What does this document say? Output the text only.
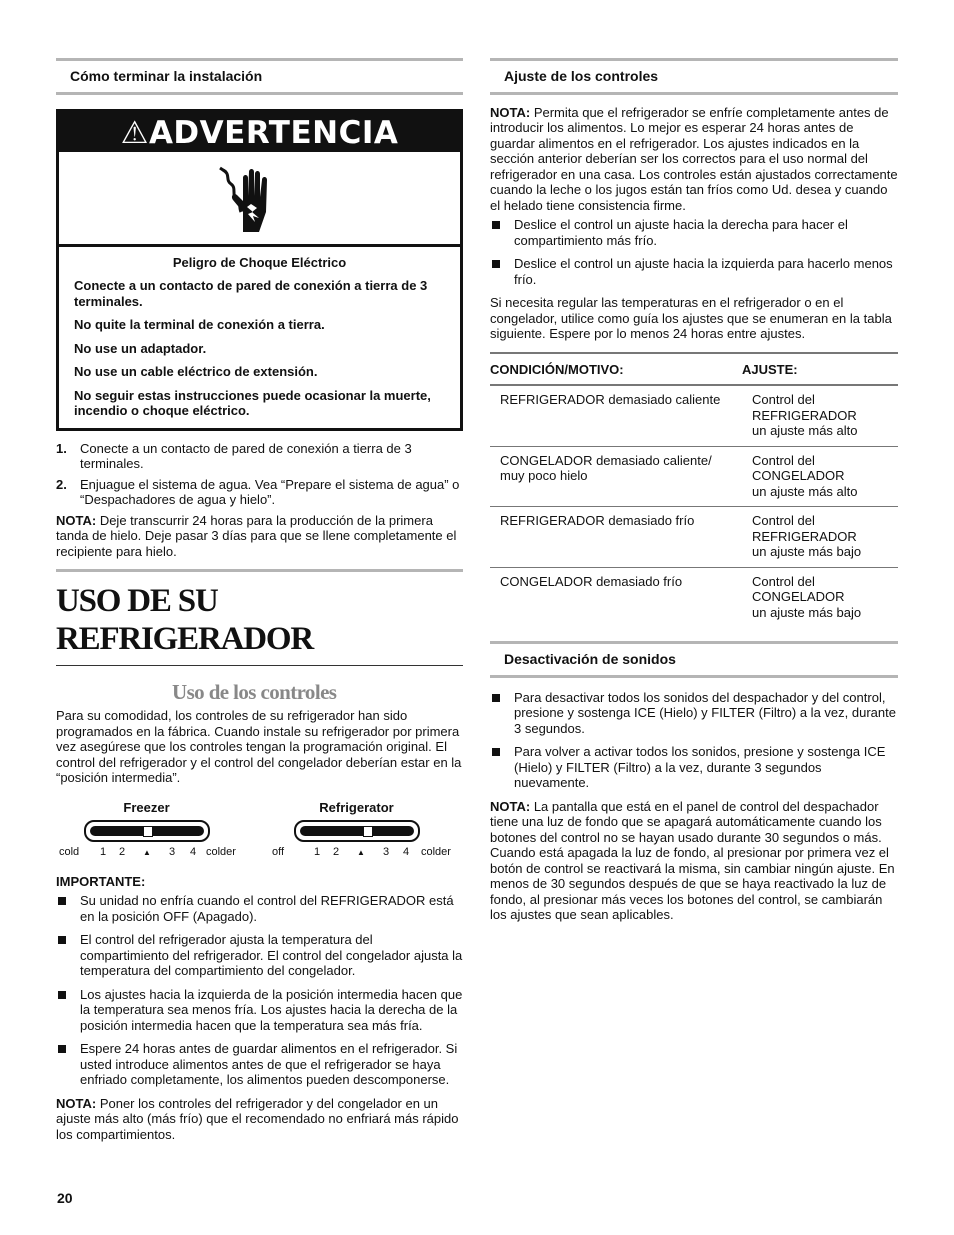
Cómo terminar la instalación
⚠ADVERTENCIA

Peligro de Choque Eléctrico

Conecte a un contacto de pared de conexión a tierra de 3 terminales.

No quite la terminal de conexión a tierra.

No use un adaptador.

No use un cable eléctrico de extensión.

No seguir estas instrucciones puede ocasionar la muerte, incendio o choque eléctrico.

1. Conecte a un contacto de pared de conexión a tierra de 3 terminales.
2. Enjuague el sistema de agua. Vea “Prepare el sistema de agua” o “Despachadores de agua y hielo”.

NOTA: Deje transcurrir 24 horas para la producción de la primera tanda de hielo. Deje pasar 3 días para que se llene completamente el recipiente para hielo.

USO DE SU REFRIGERADOR
Uso de los controles

Para su comodidad, los controles de su refrigerador han sido programados en la fábrica. Cuando instale su refrigerador por primera vez asegúrese que los controles tengan la programación original. El control del refrigerador y el control del congelador deberían estar en la “posición intermedia”.

Freezer
cold 1 2 ▲ 3 4 colder
Refrigerator
off	1 2 ▲ 3 4 colder

IMPORTANTE:

Su unidad no enfría cuando el control del REFRIGERADOR está en la posición OFF (Apagado).
El control del refrigerador ajusta la temperatura del compartimiento del refrigerador. El control del congelador ajusta la temperatura del compartimiento del congelador.
Los ajustes hacia la izquierda de la posición intermedia hacen que la temperatura sea menos fría. Los ajustes hacia la derecha de la posición intermedia hacen que la temperatura sea más fría.
Espere 24 horas antes de guardar alimentos en el refrigerador. Si usted introduce alimentos antes de que el refrigerador se haya enfriado completamente, los alimentos pueden descomponerse.

NOTA: Poner los controles del refrigerador y del congelador en un ajuste más alto (más frío) que el recomendado no enfriará más rápido los compartimientos.

Ajuste de los controles

NOTA: Permita que el refrigerador se enfríe completamente antes de introducir los alimentos. Lo mejor es esperar 24 horas antes de guardar alimentos en el refrigerador. Los ajustes indicados en la sección anterior deberían ser los correctos para el uso normal del refrigerador en una casa. Los controles están ajustados correctamente cuando la leche o los jugos están tan fríos como Ud. desea y cuando el helado tiene consistencia firme.

Deslice el control un ajuste hacia la derecha para hacer el compartimiento más frío.
Deslice el control un ajuste hacia la izquierda para hacerlo menos frío.

Si necesita regular las temperaturas en el refrigerador o en el congelador, utilice como guía los ajustes que se enumeran en la tabla siguiente. Espere por lo menos 24 horas entre ajustes.

CONDICIÓN/MOTIVO:	AJUSTE:
REFRIGERADOR demasiado caliente	Control del
REFRIGERADOR
un ajuste más alto

CONGELADOR demasiado caliente/ muy poco hielo	Control del
CONGELADOR
un ajuste más alto

REFRIGERADOR demasiado frío	Control del
REFRIGERADOR
un ajuste más bajo

CONGELADOR demasiado frío	Control del
CONGELADOR
un ajuste más bajo
Desactivación de sonidos
Para desactivar todos los sonidos del despachador y del control, presione y sostenga ICE (Hielo) y FILTER (Filtro) a la vez, durante 3 segundos.
Para volver a activar todos los sonidos, presione y sostenga ICE (Hielo) y FILTER (Filtro) a la vez, durante 3 segundos nuevamente.

NOTA: La pantalla que está en el panel de control del despachador tiene una luz de fondo que se apagará automáticamente cuando los botones del control no se hayan usado durante 30 segundos o más. Cuando está apagada la luz de fondo, al presionar por primera vez el botón de control se reactivará la misma, sin cambiar ningún ajuste. En menos de 30 segundos después de que se haya reactivado la luz de fondo, al presionar más veces los botones del control, se cambiarán los ajustes que sean aplicables.

20
